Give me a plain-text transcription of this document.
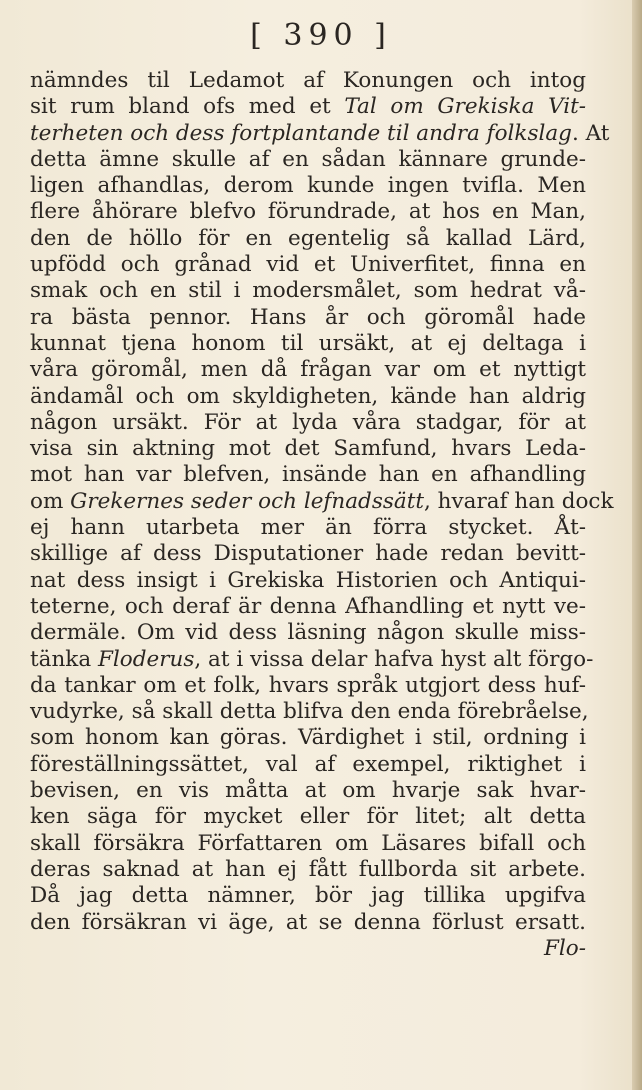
[ 390 ]
nämndes til Ledamot af Konungen och intog
sit rum bland ofs med et Tal om Grekiska Vit-
terheten och dess fortplantande til andra folkslag. At
detta ämne skulle af en sådan kännare grunde-
ligen afhandlas, derom kunde ingen tvifla. Men
flere åhörare blefvo förundrade, at hos en Man,
den de höllo för en egentelig så kallad Lärd,
upfödd och grånad vid et Univerfitet, finna en
smak och en stil i modersmålet, som hedrat vå-
ra bästa pennor. Hans år och göromål hade
kunnat tjena honom til ursäkt, at ej deltaga i
våra göromål, men då frågan var om et nyttigt
ändamål och om skyldigheten, kände han aldrig
någon ursäkt. För at lyda våra stadgar, för at
visa sin aktning mot det Samfund, hvars Leda-
mot han var blefven, insände han en afhandling
om Grekernes seder och lefnadssätt, hvaraf han dock
ej hann utarbeta mer än förra stycket. Åt-
skillige af dess Disputationer hade redan bevitt-
nat dess insigt i Grekiska Historien och Antiqui-
teterne, och deraf är denna Afhandling et nytt ve-
dermäle. Om vid dess läsning någon skulle miss-
tänka Floderus, at i vissa delar hafva hyst alt förgo-
da tankar om et folk, hvars språk utgjort dess huf-
vudyrke, så skall detta blifva den enda förebråelse,
som honom kan göras. Värdighet i stil, ordning i
föreställningssättet, val af exempel, riktighet i
bevisen, en vis måtta at om hvarje sak hvar-
ken säga för mycket eller för litet; alt detta
skall försäkra Författaren om Läsares bifall och
deras saknad at han ej fått fullborda sit arbete.
Då jag detta nämner, bör jag tillika upgifva
den försäkran vi äge, at se denna förlust ersatt.
Flo-
